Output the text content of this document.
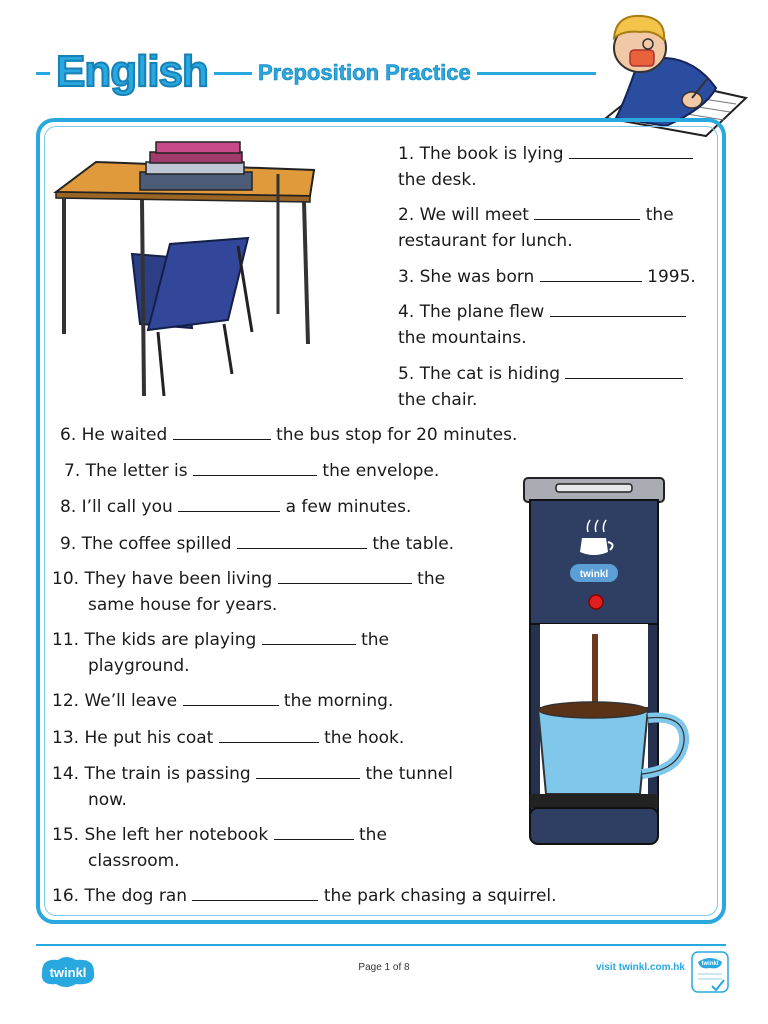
English Preposition Practice
1. The book is lying
the desk.
2. We will meet	the
restaurant for lunch.
3. She was born	1995.
4. The plane flew
the mountains.
5. The cat is hiding
the chair.
6. He waited	the bus stop for 20 minutes.
7. The letter is	the envelope.
8. I’ll call you	a few minutes.
9. The coffee spilled	the table.
10. They have been living	the
same house for years.
11. The kids are playing	the
playground.
12. We’ll leave	the morning.
13. He put his coat	the hook.
14. The train is passing	the tunnel
now.
15. She left her notebook	the
classroom.
16. The dog ran	the park chasing a squirrel.
twinkl
twinkl	Page 1 of 8	visit twinkl.com.hk	twinkl
